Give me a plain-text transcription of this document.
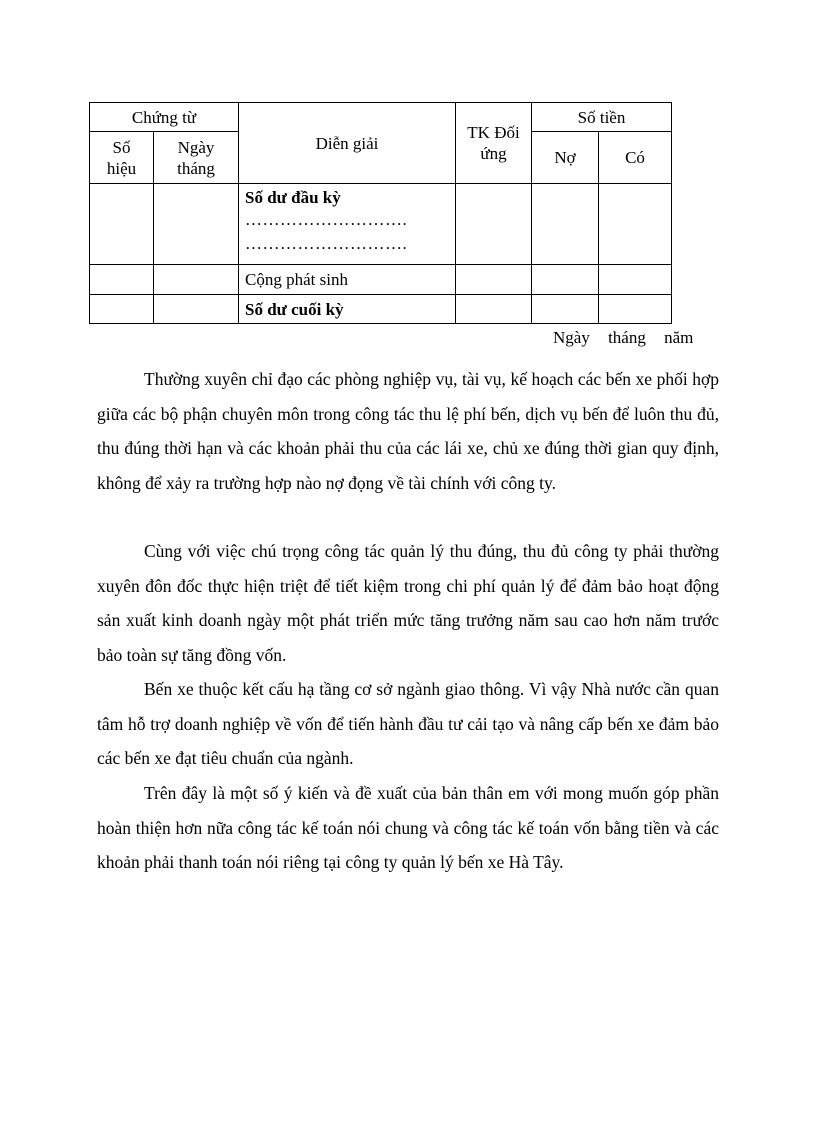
Chứng từ		Diễn giải	TK Đối ứng	Số tiền	
Số hiệu	Ngày tháng			Nợ	Có
		Số dư đầu kỳ
……………………….
……………………….			

		Cộng phát sinh			
		Số dư cuối kỳ			
Ngày tháng năm

Thường xuyên chỉ đạo các phòng nghiệp vụ, tài vụ, kế hoạch các bến xe phối hợp giữa các bộ phận chuyên môn trong công tác thu lệ phí bến, dịch vụ bến để luôn thu đủ, thu đúng thời hạn và các khoản phải thu của các lái xe, chủ xe đúng thời gian quy định, không để xảy ra trường hợp nào nợ đọng về tài chính với công ty.

Cùng với việc chú trọng công tác quản lý thu đúng, thu đủ công ty phải thường xuyên đôn đốc thực hiện triệt để tiết kiệm trong chi phí quản lý để đảm bảo hoạt động sản xuất kinh doanh ngày một phát triển mức tăng trưởng năm sau cao hơn năm trước bảo toàn sự tăng đồng vốn.

Bến xe thuộc kết cấu hạ tầng cơ sở ngành giao thông. Vì vậy Nhà nước cần quan tâm hỗ trợ doanh nghiệp về vốn để tiến hành đầu tư cải tạo và nâng cấp bến xe đảm bảo các bến xe đạt tiêu chuẩn của ngành.

Trên đây là một số ý kiến và đề xuất của bản thân em với mong muốn góp phần hoàn thiện hơn nữa công tác kế toán nói chung và công tác kế toán vốn bằng tiền và các khoản phải thanh toán nói riêng tại công ty quản lý bến xe Hà Tây.
